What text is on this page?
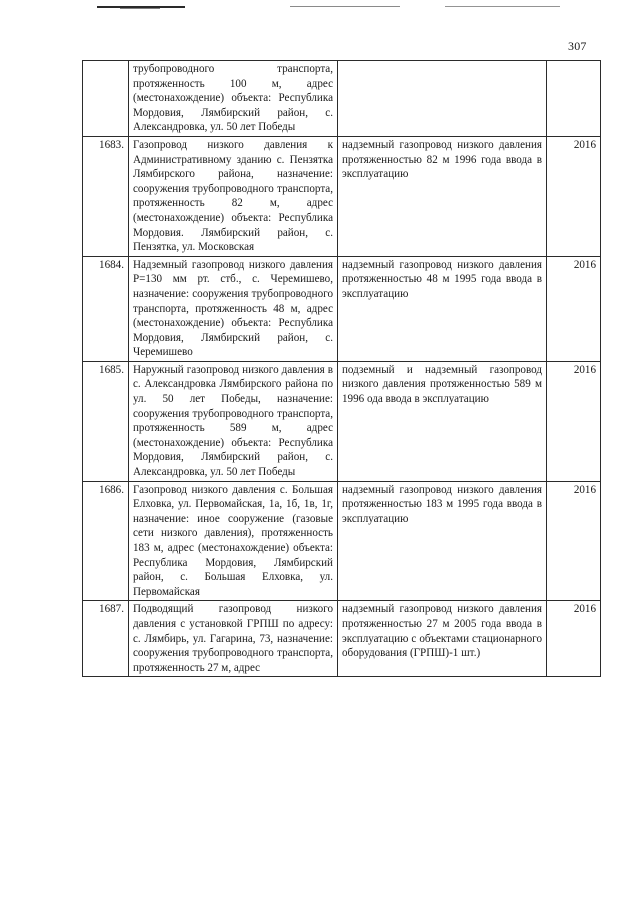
307

	трубопроводного транспорта, протяженность 100 м, адрес (местонахождение) объекта: Республика Мордовия, Лямбирский район, с. Александровка, ул. 50 лет Победы		

1683.	Газопровод низкого давления к Административному зданию с. Пензятка Лямбирского района, назначение: сооружения трубопроводного транспорта, протяженность 82 м, адрес (местонахождение) объекта: Республика Мордовия. Лямбирский район, с. Пензятка, ул. Московская	надземный газопровод низкого давления протяженностью 82 м 1996 года ввода в эксплуатацию	2016

1684.	Надземный газопровод низкого давления Р=130 мм рт. стб., с. Черемишево, назначение: сооружения трубопроводного транспорта, протяженность 48 м, адрес (местонахождение) объекта: Республика Мордовия, Лямбирский район, с. Черемишево	надземный газопровод низкого давления протяженностью 48 м 1995 года ввода в эксплуатацию	2016

1685.	Наружный газопровод низкого давления в с. Александровка Лямбирского района по ул. 50 лет Победы, назначение: сооружения трубопроводного транспорта, протяженность 589 м, адрес (местонахождение) объекта: Республика Мордовия, Лямбирский район, с. Александровка, ул. 50 лет Победы	подземный и надземный газопровод низкого давления протяженностью 589 м 1996 ода ввода в эксплуатацию	2016

1686.	Газопровод низкого давления с. Большая Елховка, ул. Первомайская, 1а, 1б, 1в, 1г, назначение: иное сооружение (газовые сети низкого давления), протяженность 183 м, адрес (местонахождение) объекта: Республика Мордовия, Лямбирский район, с. Большая Елховка, ул. Первомайская	надземный газопровод низкого давления протяженностью 183 м 1995 года ввода в эксплуатацию	2016

1687.	Подводящий газопровод низкого давления с установкой ГРПШ по адресу: с. Лямбирь, ул. Гагарина, 73, назначение: сооружения трубопроводного транспорта, протяженность 27 м, адрес	надземный газопровод низкого давления протяженностью 27 м 2005 года ввода в эксплуатацию с объектами стационарного оборудования (ГРПШ)-1 шт.)	2016
